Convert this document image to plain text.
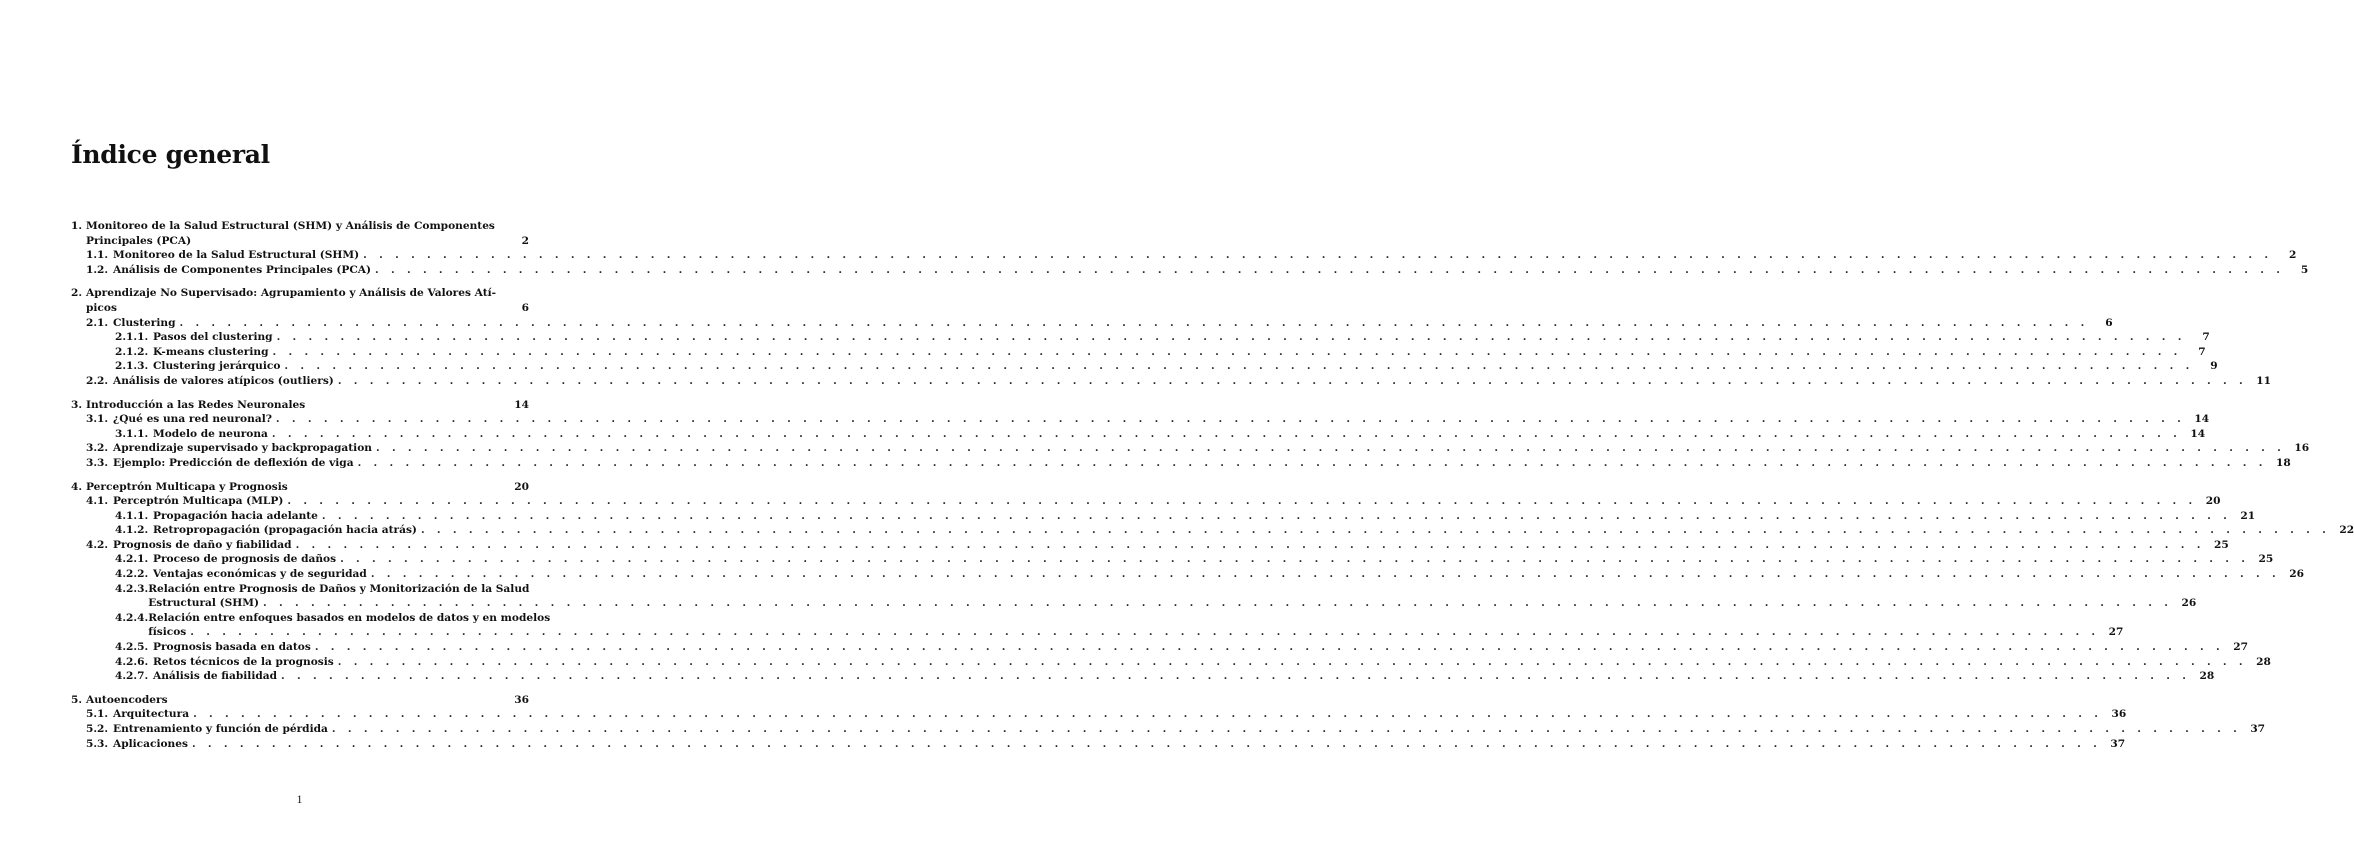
Índice general
1. Monitoreo de la Salud Estructural (SHM) y Análisis de Componentes
Principales (PCA)	2
1.1. Monitoreo de la Salud Estructural (SHM) . . . . . . . . . . . . . . . . . . . . . . . . . . . . . . . . . . . . . . . . . . . . . . . . . . . . . . . . . . . . . . . . . . . . . . . . . . . . . . . . . . . . . . . . . . . . . . . . . . . . . . . . . . . . . . . . . . . . . . . .	2
1.2. Análisis de Componentes Principales (PCA) . . . . . . . . . . . . . . . . . . . . . . . . . . . . . . . . . . . . . . . . . . . . . . . . . . . . . . . . . . . . . . . . . . . . . . . . . . . . . . . . . . . . . . . . . . . . . . . . . . . . . . . . . . . . . . . . . . . . . . . .	5
2. Aprendizaje No Supervisado: Agrupamiento y Análisis de Valores Atí-
picos	6
2.1. Clustering . . . . . . . . . . . . . . . . . . . . . . . . . . . . . . . . . . . . . . . . . . . . . . . . . . . . . . . . . . . . . . . . . . . . . . . . . . . . . . . . . . . . . . . . . . . . . . . . . . . . . . . . . . . . . . . . . . . . . . . .	6
2.1.1. Pasos del clustering . . . . . . . . . . . . . . . . . . . . . . . . . . . . . . . . . . . . . . . . . . . . . . . . . . . . . . . . . . . . . . . . . . . . . . . . . . . . . . . . . . . . . . . . . . . . . . . . . . . . . . . . . . . . . . . . . . . . . . . .	7
2.1.2. K-means clustering . . . . . . . . . . . . . . . . . . . . . . . . . . . . . . . . . . . . . . . . . . . . . . . . . . . . . . . . . . . . . . . . . . . . . . . . . . . . . . . . . . . . . . . . . . . . . . . . . . . . . . . . . . . . . . . . . . . . . . . .	7
2.1.3. Clustering jerárquico . . . . . . . . . . . . . . . . . . . . . . . . . . . . . . . . . . . . . . . . . . . . . . . . . . . . . . . . . . . . . . . . . . . . . . . . . . . . . . . . . . . . . . . . . . . . . . . . . . . . . . . . . . . . . . . . . . . . . . . .	9
2.2. Análisis de valores atípicos (outliers) . . . . . . . . . . . . . . . . . . . . . . . . . . . . . . . . . . . . . . . . . . . . . . . . . . . . . . . . . . . . . . . . . . . . . . . . . . . . . . . . . . . . . . . . . . . . . . . . . . . . . . . . . . . . . . . . . . . . . . . . 11
3. Introducción a las Redes Neuronales	14
3.1. ¿Qué es una red neuronal? . . . . . . . . . . . . . . . . . . . . . . . . . . . . . . . . . . . . . . . . . . . . . . . . . . . . . . . . . . . . . . . . . . . . . . . . . . . . . . . . . . . . . . . . . . . . . . . . . . . . . . . . . . . . . . . . . . . . . . . . 14
3.1.1. Modelo de neurona . . . . . . . . . . . . . . . . . . . . . . . . . . . . . . . . . . . . . . . . . . . . . . . . . . . . . . . . . . . . . . . . . . . . . . . . . . . . . . . . . . . . . . . . . . . . . . . . . . . . . . . . . . . . . . . . . . . . . . . . 14
3.2. Aprendizaje supervisado y backpropagation . . . . . . . . . . . . . . . . . . . . . . . . . . . . . . . . . . . . . . . . . . . . . . . . . . . . . . . . . . . . . . . . . . . . . . . . . . . . . . . . . . . . . . . . . . . . . . . . . . . . . . . . . . . . . . . . . . . . . . . . 16
3.3. Ejemplo: Predicción de deflexión de viga . . . . . . . . . . . . . . . . . . . . . . . . . . . . . . . . . . . . . . . . . . . . . . . . . . . . . . . . . . . . . . . . . . . . . . . . . . . . . . . . . . . . . . . . . . . . . . . . . . . . . . . . . . . . . . . . . . . . . . . . 18
4. Perceptrón Multicapa y Prognosis	20
4.1. Perceptrón Multicapa (MLP) . . . . . . . . . . . . . . . . . . . . . . . . . . . . . . . . . . . . . . . . . . . . . . . . . . . . . . . . . . . . . . . . . . . . . . . . . . . . . . . . . . . . . . . . . . . . . . . . . . . . . . . . . . . . . . . . . . . . . . . . 20
4.1.1. Propagación hacia adelante . . . . . . . . . . . . . . . . . . . . . . . . . . . . . . . . . . . . . . . . . . . . . . . . . . . . . . . . . . . . . . . . . . . . . . . . . . . . . . . . . . . . . . . . . . . . . . . . . . . . . . . . . . . . . . . . . . . . . . . . 21
4.1.2. Retropropagación (propagación hacia atrás) . . . . . . . . . . . . . . . . . . . . . . . . . . . . . . . . . . . . . . . . . . . . . . . . . . . . . . . . . . . . . . . . . . . . . . . . . . . . . . . . . . . . . . . . . . . . . . . . . . . . . . . . . . . . . . . . . . . . . . . . 22
4.2. Prognosis de daño y fiabilidad . . . . . . . . . . . . . . . . . . . . . . . . . . . . . . . . . . . . . . . . . . . . . . . . . . . . . . . . . . . . . . . . . . . . . . . . . . . . . . . . . . . . . . . . . . . . . . . . . . . . . . . . . . . . . . . . . . . . . . . . 25
4.2.1. Proceso de prognosis de daños . . . . . . . . . . . . . . . . . . . . . . . . . . . . . . . . . . . . . . . . . . . . . . . . . . . . . . . . . . . . . . . . . . . . . . . . . . . . . . . . . . . . . . . . . . . . . . . . . . . . . . . . . . . . . . . . . . . . . . . . 25
4.2.2. Ventajas económicas y de seguridad . . . . . . . . . . . . . . . . . . . . . . . . . . . . . . . . . . . . . . . . . . . . . . . . . . . . . . . . . . . . . . . . . . . . . . . . . . . . . . . . . . . . . . . . . . . . . . . . . . . . . . . . . . . . . . . . . . . . . . . . 26
4.2.3. Relación entre Prognosis de Daños y Monitorización de la Salud
Estructural (SHM) . . . . . . . . . . . . . . . . . . . . . . . . . . . . . . . . . . . . . . . . . . . . . . . . . . . . . . . . . . . . . . . . . . . . . . . . . . . . . . . . . . . . . . . . . . . . . . . . . . . . . . . . . . . . . . . . . . . . . . . . 26
4.2.4. Relación entre enfoques basados en modelos de datos y en modelos
físicos . . . . . . . . . . . . . . . . . . . . . . . . . . . . . . . . . . . . . . . . . . . . . . . . . . . . . . . . . . . . . . . . . . . . . . . . . . . . . . . . . . . . . . . . . . . . . . . . . . . . . . . . . . . . . . . . . . . . . . . . 27
4.2.5. Prognosis basada en datos . . . . . . . . . . . . . . . . . . . . . . . . . . . . . . . . . . . . . . . . . . . . . . . . . . . . . . . . . . . . . . . . . . . . . . . . . . . . . . . . . . . . . . . . . . . . . . . . . . . . . . . . . . . . . . . . . . . . . . . . 27
4.2.6. Retos técnicos de la prognosis . . . . . . . . . . . . . . . . . . . . . . . . . . . . . . . . . . . . . . . . . . . . . . . . . . . . . . . . . . . . . . . . . . . . . . . . . . . . . . . . . . . . . . . . . . . . . . . . . . . . . . . . . . . . . . . . . . . . . . . . 28
4.2.7. Análisis de fiabilidad . . . . . . . . . . . . . . . . . . . . . . . . . . . . . . . . . . . . . . . . . . . . . . . . . . . . . . . . . . . . . . . . . . . . . . . . . . . . . . . . . . . . . . . . . . . . . . . . . . . . . . . . . . . . . . . . . . . . . . . . 28
5. Autoencoders	36
5.1. Arquitectura . . . . . . . . . . . . . . . . . . . . . . . . . . . . . . . . . . . . . . . . . . . . . . . . . . . . . . . . . . . . . . . . . . . . . . . . . . . . . . . . . . . . . . . . . . . . . . . . . . . . . . . . . . . . . . . . . . . . . . . . 36
5.2. Entrenamiento y función de pérdida . . . . . . . . . . . . . . . . . . . . . . . . . . . . . . . . . . . . . . . . . . . . . . . . . . . . . . . . . . . . . . . . . . . . . . . . . . . . . . . . . . . . . . . . . . . . . . . . . . . . . . . . . . . . . . . . . . . . . . . . 37
5.3. Aplicaciones . . . . . . . . . . . . . . . . . . . . . . . . . . . . . . . . . . . . . . . . . . . . . . . . . . . . . . . . . . . . . . . . . . . . . . . . . . . . . . . . . . . . . . . . . . . . . . . . . . . . . . . . . . . . . . . . . . . . . . . . 37
1
